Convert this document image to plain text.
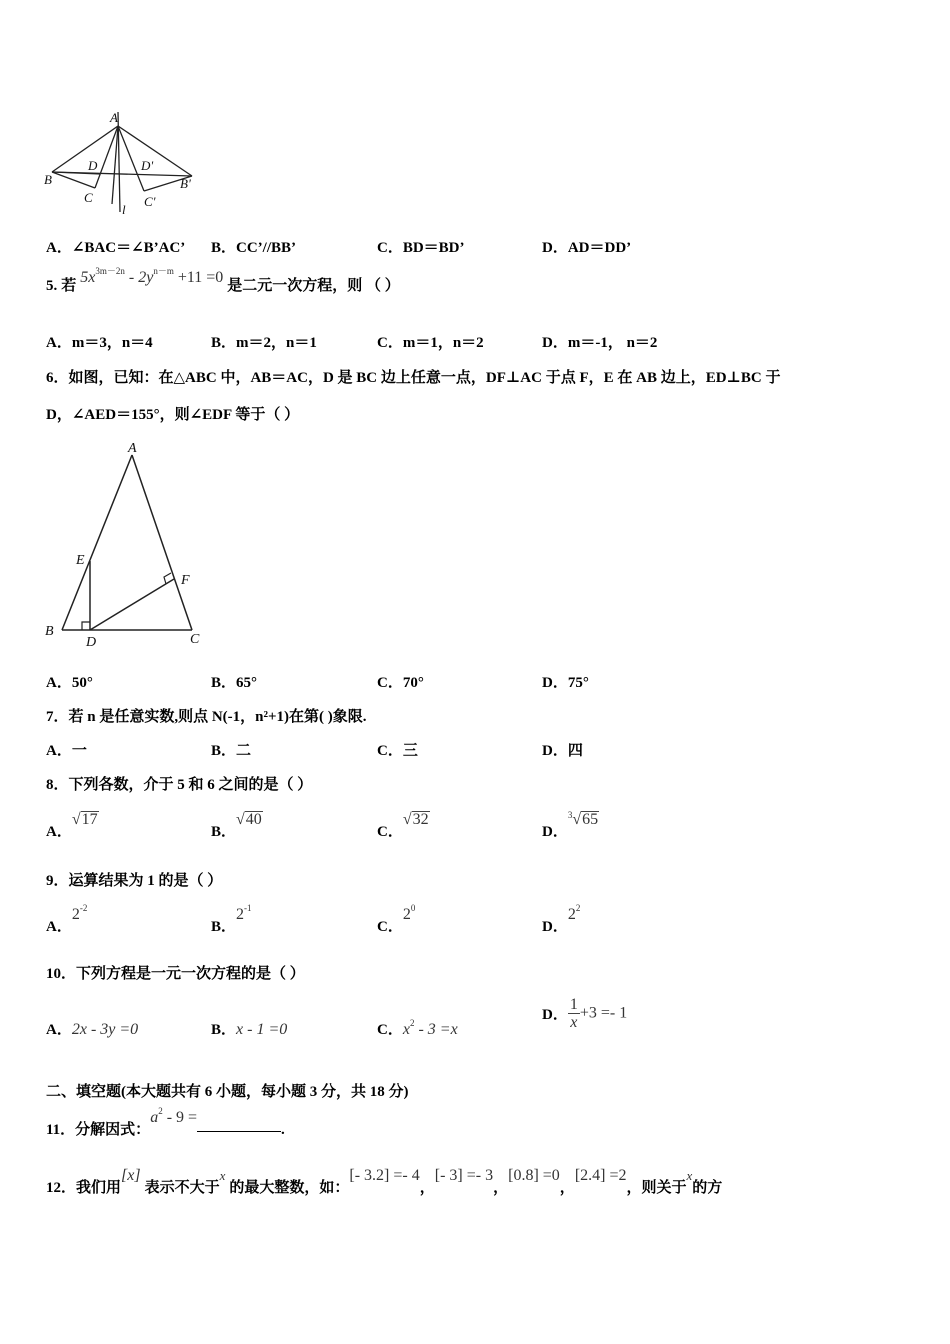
A
B
D	D'
B'
C	C'
l
A．∠BAC＝∠B’AC’ B．CC’//BB’	C．BD＝BD’	D．AD＝DD’
5. 若 $5x^{3m-2n} - 2y^{n-m} +11 =0$ 是二元一次方程，则 （ ）
A．m＝3，n＝4	B．m＝2，n＝1	C．m＝1，n＝2	D．m＝-1， n＝2
6．如图，已知：在△ABC 中，AB＝AC，D 是 BC 边上任意一点，DF⊥AC 于点 F，E 在 AB 边上，ED⊥BC 于
D，∠AED＝155°，则∠EDF 等于（ ）
A
E
F
B
D	C
A．50°	B．65°	C．70°	D．75°
7．若 n 是任意实数,则点 N(-1，n²+1)在第( )象限.
A．一	B．二	C．三	D．四
8．下列各数，介于 5 和 6 之间的是（ ）
A．√17
B．√40
C．√32
D．$^3$√65
9．运算结果为 1 的是（ ）
A．$2^{-2}$
B．$2^{-1}$
C．$2^0$
D．$2^2$
10．下列方程是一元一次方程的是（ ）
A．2x - 3y =0	B．x - 1 =0	C．$x^2 - 3 =x$
D． $\frac{1}{x} +3 =- 1$
二、填空题(本大题共有 6 小题，每小题 3 分，共 18 分)
11．分解因式：$a^2 - 9$ =.
12．我们用[x] 表示不大于x 的最大整数，如：[- 3.2] =- 4，[- 3] =- 3，[0.8] =0，[2.4] =2，则关于x的方
